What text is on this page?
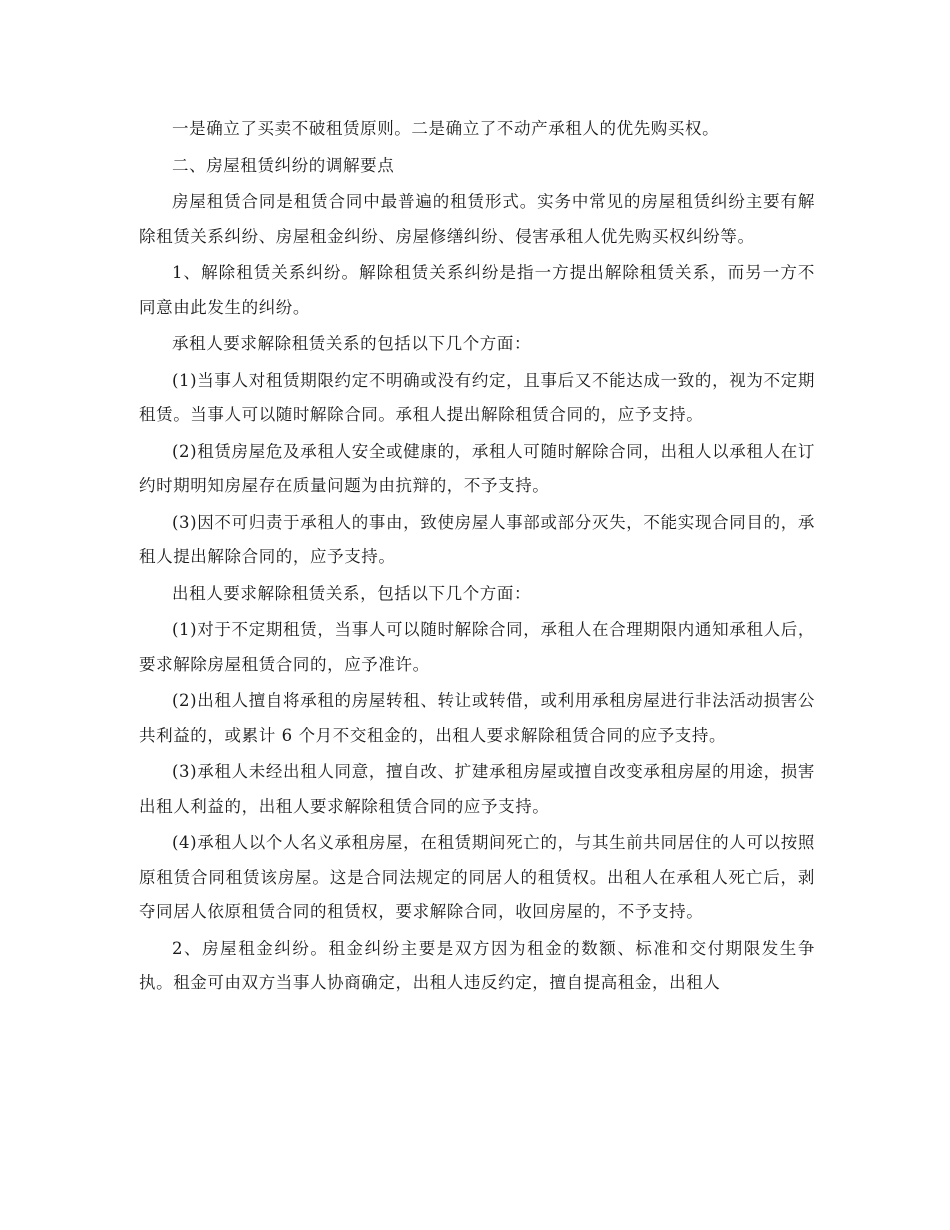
一是确立了买卖不破租赁原则。二是确立了不动产承租人的优先购买权。

二、房屋租赁纠纷的调解要点

房屋租赁合同是租赁合同中最普遍的租赁形式。实务中常见的房屋租赁纠纷主要有解除租赁关系纠纷、房屋租金纠纷、房屋修缮纠纷、侵害承租人优先购买权纠纷等。

1、解除租赁关系纠纷。解除租赁关系纠纷是指一方提出解除租赁关系，而另一方不同意由此发生的纠纷。

承租人要求解除租赁关系的包括以下几个方面：

(1)当事人对租赁期限约定不明确或没有约定，且事后又不能达成一致的，视为不定期租赁。当事人可以随时解除合同。承租人提出解除租赁合同的，应予支持。

(2)租赁房屋危及承租人安全或健康的，承租人可随时解除合同，出租人以承租人在订约时期明知房屋存在质量问题为由抗辩的，不予支持。

(3)因不可归责于承租人的事由，致使房屋人事部或部分灭失，不能实现合同目的，承租人提出解除合同的，应予支持。

出租人要求解除租赁关系，包括以下几个方面：

(1)对于不定期租赁，当事人可以随时解除合同，承租人在合理期限内通知承租人后，要求解除房屋租赁合同的，应予准许。

(2)出租人擅自将承租的房屋转租、转让或转借，或利用承租房屋进行非法活动损害公共利益的，或累计 6 个月不交租金的，出租人要求解除租赁合同的应予支持。

(3)承租人未经出租人同意，擅自改、扩建承租房屋或擅自改变承租房屋的用途，损害出租人利益的，出租人要求解除租赁合同的应予支持。

(4)承租人以个人名义承租房屋，在租赁期间死亡的，与其生前共同居住的人可以按照原租赁合同租赁该房屋。这是合同法规定的同居人的租赁权。出租人在承租人死亡后，剥夺同居人依原租赁合同的租赁权，要求解除合同，收回房屋的，不予支持。

2、房屋租金纠纷。租金纠纷主要是双方因为租金的数额、标准和交付期限发生争执。租金可由双方当事人协商确定，出租人违反约定，擅自提高租金，出租人
